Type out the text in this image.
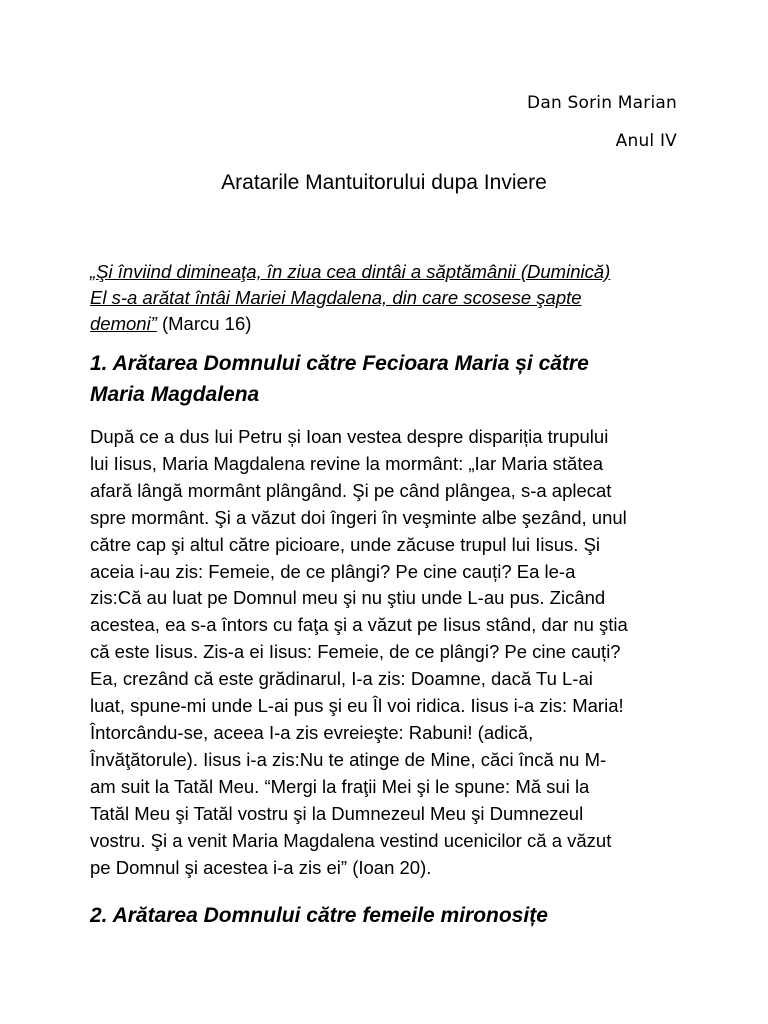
Dan Sorin Marian
Anul IV
Aratarile Mantuitorului dupa Inviere
„Şi înviind dimineaţa, în ziua cea dintâi a săptămânii (Duminică)
El s-a arătat întâi Mariei Magdalena, din care scosese şapte
demoni” (Marcu 16)
1. Arătarea Domnului către Fecioara Maria și către
Maria Magdalena
După ce a dus lui Petru și Ioan vestea despre dispariția trupului
lui Iisus, Maria Magdalena revine la mormânt: „Iar Maria stătea
afară lângă mormânt plângând. Şi pe când plângea, s-a aplecat
spre mormânt. Şi a văzut doi îngeri în veşminte albe şezând, unul
către cap şi altul către picioare, unde zăcuse trupul lui Iisus. Şi
aceia i-au zis: Femeie, de ce plângi? Pe cine cauți? Ea le-a
zis:Că au luat pe Domnul meu şi nu ştiu unde L-au pus. Zicând
acestea, ea s-a întors cu faţa şi a văzut pe Iisus stând, dar nu ştia
că este Iisus. Zis-a ei Iisus: Femeie, de ce plângi? Pe cine cauți?
Ea, crezând că este grădinarul, I-a zis: Doamne, dacă Tu L-ai
luat, spune-mi unde L-ai pus şi eu Îl voi ridica. Iisus i-a zis: Maria!
Întorcându-se, aceea I-a zis evreieşte: Rabuni! (adică,
Învăţătorule). Iisus i-a zis:Nu te atinge de Mine, căci încă nu M-
am suit la Tatăl Meu. “Mergi la fraţii Mei şi le spune: Mă sui la
Tatăl Meu şi Tatăl vostru şi la Dumnezeul Meu şi Dumnezeul
vostru. Şi a venit Maria Magdalena vestind ucenicilor că a văzut
pe Domnul şi acestea i-a zis ei” (Ioan 20).
2. Arătarea Domnului către femeile mironosițe
